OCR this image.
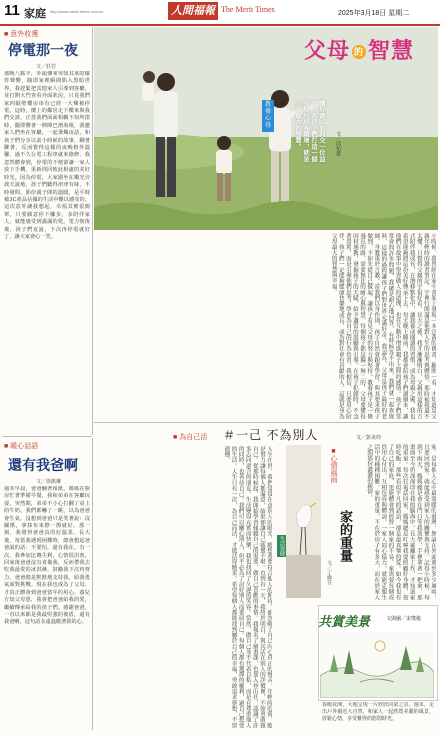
11 家庭 http://www.merit-times.com.tw	人間福報 The Merit Times	2025年3月18日 星期二
■ 意外收獲
停電那一夜
文／莊岩
那晚八點半，外頭傳來突如其來的爆炸聲響，隨即家裡瞬間陷入黑暗世界。我趕緊把其他家人引導到客廳，並打開大門查看外面狀況，只見我們家四隔壁樓房串有已經一大棟被停電，這時，樓上的鄰居走下樓來與我們交談，正當我們面面相覷不知所措時，隨即響著一陣陣巴潛海報，我邀家人們坐在客廳，一起秉燭夜話，和孩子們分享以前小時候的故事，聊著聊著，反而覺得這樣的夜晚格外溫馨。過不久台電工程車就來搶修，我忽然體會到，停電的不便卻讓一家人放下手機，重新找回彼此相處的美好時光。因為停電，大家圍坐在燭光旁談天說地，孩子們聽得津津有味，不時發問，那份親子間的溫暖，是平時被3C產品佔據的生活中難以感受的。這次意外讓我想起，幸福其實很簡單，只要願意停下腳步，多陪伴家人，就能感受到滿滿的愛。電力恢復後，孩子們竟說，下次再停電就好了，讓大家會心一笑。
父母 的 智慧
教養心得	讀好書，如同交一位益友，為孩子們打造一個良好的成長環境，就是父母最大的智慧。	文／邱怡蕙
小時候，我曾經在家中書架上發現一本泛黃的舊書，翻開一看，才知道是父親年輕時的讀書筆記，字裡行間滿是他對人生的思考與體悟。那時候我還不太懂，只覺得父親的字很好看。長大之後，我才漸漸明白，父親用這樣的方式陪伴我成長，在潛移默化中，讓我養成閱讀的習慣。成為母親之後，我也希望能夠將這份美好傳承下去。每天晚上睡前，我都會陪孩子們讀繪本，讓他們在故事中學習做人的道理，也在互動中增進親子之間的感情。孩子們常常會問許多問題，我總是耐心地回答，有時候答不出來，我們就一起查資料，這樣的過程讓孩子們對世界充滿好奇。我認為，父母是孩子最好的老師，身教重於言教。當我們以身作則，孩子自然會跟著學習。與其要求孩子做到，不如先從自己做起，讓孩子看見父母的努力與堅持。教養孩子是一條漫長的路，需要無比的耐心與智慧。每個孩子都是獨一無二的，父母要懂得因材施教，發掘孩子的天賦，給予適當的鼓勵與引導。在孩子犯錯時，不急著責罵，而是引導他們思考，學會為自己的行為負責。我相信，只要用心陪伴，孩子們一定能夠健康快樂地成長，成為對社會有貢獻的人。這就是身為父母最大的智慧與幸福。
■ 暖心話語
還有我爸啊
文／徐凱琳
週末早晨，爸爸翻著報紙，媽媽在廚房忙著準備早餐，我和弟弟在客廳玩耍。突然間，弟弟不小心打翻了桌上的牛奶，我們都嚇了一跳，以為爸爸會生氣。沒想到爸爸只是笑著說：沒關係，拿抹布來擦一擦就好。那一刻，我覺得爸爸真的好溫柔。長大後，每當我遇到困難時，總會想起爸爸說的話：不要怕，還有我在。有一次，我參加比賽失利，心情很沮喪，回家後爸爸沒有責備我，反而帶我去吃我最愛的冰淇淋，鼓勵我下次再努力。爸爸總是默默地支持我，給我勇氣面對挑戰。現在我也成為了父母，才真正體會到爸爸當年的用心。養兒方知父母恩，我會把爸爸給我的愛，繼續傳承給我的孩子們。感謝爸爸，一直以來都是我最堅強的後盾，還有我爸啊，這句話永遠溫暖著我的心。
■ 為自己活 ＃一己 不為別人	文／彭美玲
人生在世，我們常常在意別人的眼光，總想著要符合他人的期待，卻忽略了自己內心真正的聲音。年輕時的我，總是努力讓每個人都滿意，結果卻讓自己疲憊不堪。直到有一天，我終於明白，與其活在別人的評價裡，不如勇敢做自己。從那時候起，我開始學習傾聽自己的需要，做自己喜歡的事情。我報名了繪畫課，也加入登山社，認識了許多志同道合的朋友。生活變得充實而快樂，我也找回了久違的笑容。當然，做自己並不代表自私，而是在尊重他人的同時，也善待自己。我們可以關心別人，但不必為了討好別人而委屈自己。每個人都有選擇的權利，過自己想要的生活。人生只有一次，為自己而活，才能活得精采。希望每個人都能找到屬於自己的幸福，勇敢追求夢想，不留遺憾。
■ 心情風雨
家的重量
文／丁緯芬	家，是每個人心中最溫暖的港灣。無論在外面遇到多少風雨，只要回到家，就能感受到家人的關懷與支持。記得小時候，每到下雨天，媽媽總是會在門口等我放學，手裡拿著一把傘，那畫面至今仍深深印在我的腦海中。長大後離家工作，才知道家的重量。每次打電話回家，媽媽總是叮嚀我要照顧好身體，按時吃飯。那些看似平凡的話語，卻是最真摯的愛。如今我也有了自己的家庭，更能體會到經營一個家的不易。家需要每個成員用心付出，互相包容與體諒。一家人同心協力，就能克服生活中的種種困難。家的重量，不在於房子有多大，而在於家人之間那份濃濃的親情。
生活保健
共賞美景	文與圖／宋瑤俊
春暖花開，大地呈現一片欣欣向榮之景。週末，走出戶外親近大自然，和家人一起欣賞美麗的風景，放鬆心情，享受難得的悠閒時光。
